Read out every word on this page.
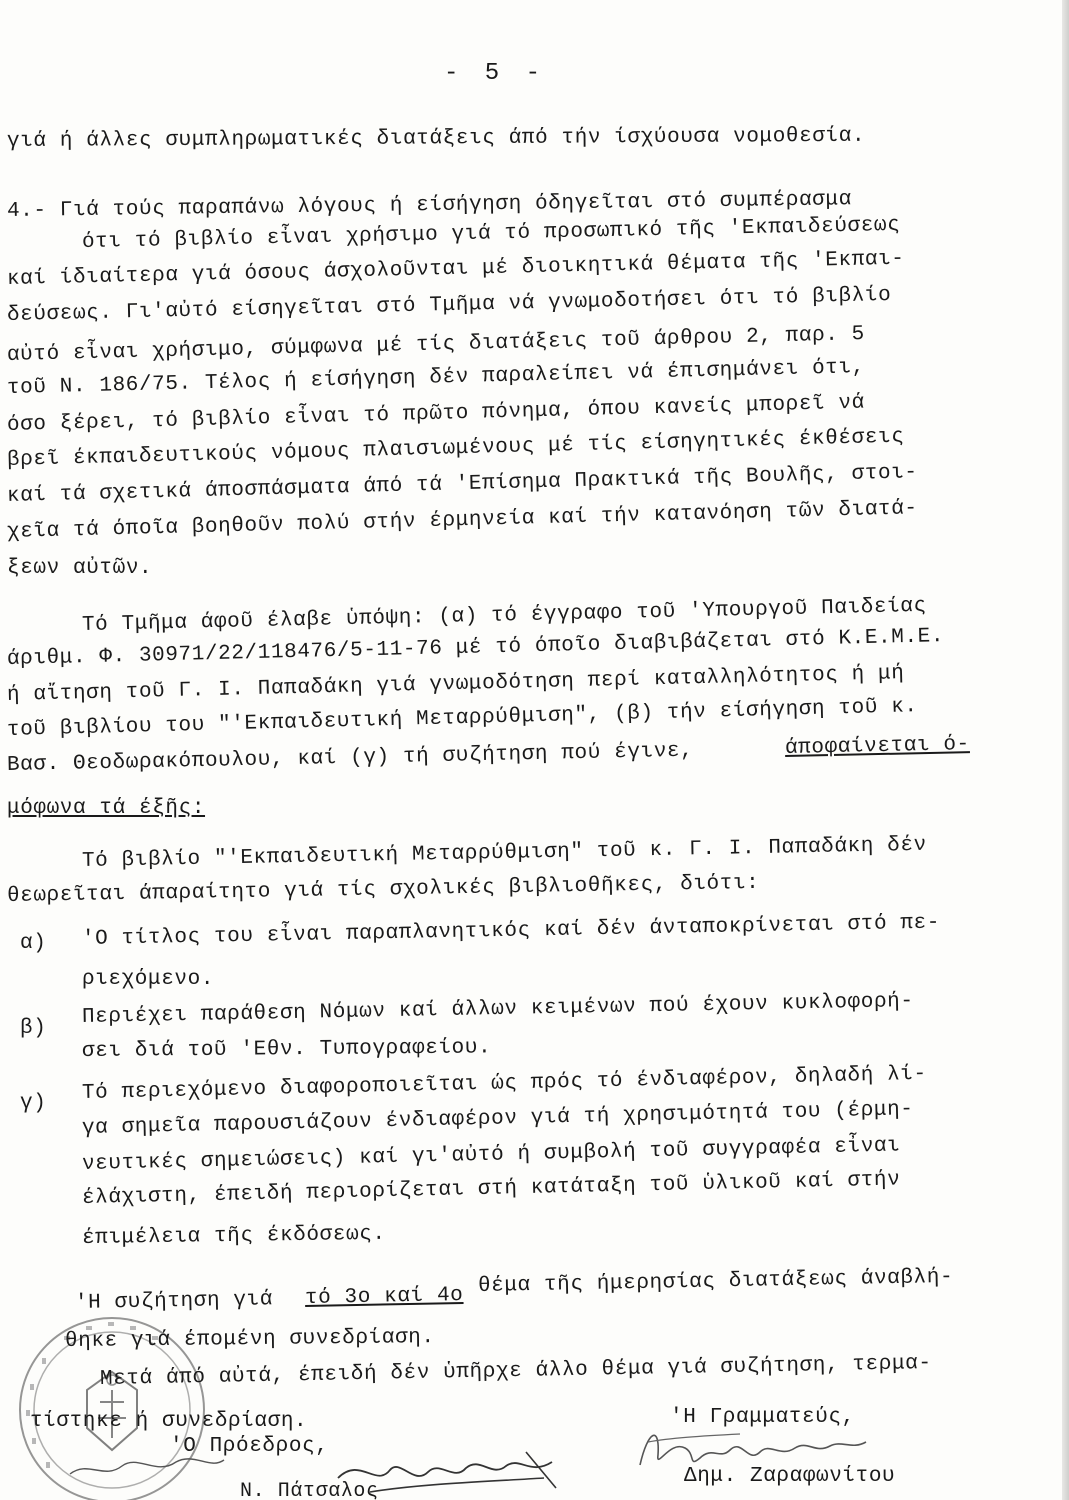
- 5 -
γιά ή άλλες συμπληρωματικές διατάξεις άπό τήν ίσχύουσα νομοθεσία.
4.- Γιά τούς παραπάνω λόγους ή είσήγηση όδηγεῖται στό συμπέρασμα
ότι τό βιβλίο εἶναι χρήσιμο γιά τό προσωπικό τῆς 'Εκπαιδεύσεως
καί ίδιαίτερα γιά όσους άσχολοῦνται μέ διοικητικά θέματα τῆς 'Εκπαι-
δεύσεως. Γι'αὐτό είσηγεῖται στό Τμῆμα νά γνωμοδοτήσει ότι τό βιβλίο
αὐτό εἶναι χρήσιμο, σύμφωνα μέ τίς διατάξεις τοῦ άρθρου 2, παρ. 5
τοῦ Ν. 186/75. Τέλος ή είσήγηση δέν παραλείπει νά έπισημάνει ότι,
όσο ξέρει, τό βιβλίο εἶναι τό πρῶτο πόνημα, όπου κανείς μπορεῖ νά
βρεῖ έκπαιδευτικούς νόμους πλαισιωμένους μέ τίς είσηγητικές έκθέσεις
καί τά σχετικά άποσπάσματα άπό τά 'Επίσημα Πρακτικά τῆς Βουλῆς, στοι-
χεῖα τά όποῖα βοηθοῦν πολύ στήν έρμηνεία καί τήν κατανόηση τῶν διατά-
ξεων αὐτῶν.
Τό Τμῆμα άφοῦ έλαβε ὑπόψη: (α) τό έγγραφο τοῦ 'Υπουργοῦ Παιδείας
άριθμ. Φ. 30971/22/118476/5-11-76 μέ τό όποῖο διαβιβάζεται στό Κ.Ε.Μ.Ε.
ή αἴτηση τοῦ Γ. Ι. Παπαδάκη γιά γνωμοδότηση περί καταλληλότητος ή μή
τοῦ βιβλίου του "'Εκπαιδευτική Μεταρρύθμιση", (β) τήν είσήγηση τοῦ κ.
Βασ. Θεοδωρακόπουλου, καί (γ) τή συζήτηση πού έγινε,	άποφαίνεται ό-
μόφωνα τά έξῆς:
Τό βιβλίο "'Εκπαιδευτική Μεταρρύθμιση" τοῦ κ. Γ. Ι. Παπαδάκη δέν
θεωρεῖται άπαραίτητο γιά τίς σχολικές βιβλιοθῆκες, διότι:
α) 'Ο τίτλος του εἶναι παραπλανητικός καί δέν άνταποκρίνεται στό πε-
ριεχόμενο.
β) Περιέχει παράθεση Νόμων καί άλλων κειμένων πού έχουν κυκλοφορή-
σει διά τοῦ 'Εθν. Τυπογραφείου.
γ) Τό περιεχόμενο διαφοροποιεῖται ώς πρός τό ένδιαφέρον, δηλαδή λί-
γα σημεῖα παρουσιάζουν ένδιαφέρον γιά τή χρησιμότητά του (έρμη-
νευτικές σημειώσεις) καί γι'αὐτό ή συμβολή τοῦ συγγραφέα εἶναι
έλάχιστη, έπειδή περιορίζεται στή κατάταξη τοῦ ὑλικοῦ καί στήν
έπιμέλεια τῆς έκδόσεως.
'Η συζήτηση γιά τό 3ο καί 4ο θέμα τῆς ήμερησίας διατάξεως άναβλή-
θηκε γιά έπομένη συνεδρίαση.
Μετά άπό αὐτά, έπειδή δέν ὑπῆρχε άλλο θέμα γιά συζήτηση, τερμα-
τίστηκε ή συνεδρίαση.	'Η Γραμματεύς,
'Ο Πρόεδρος,
Δημ. Ζαραφωνίτου
Ν. Πάτσαλος
